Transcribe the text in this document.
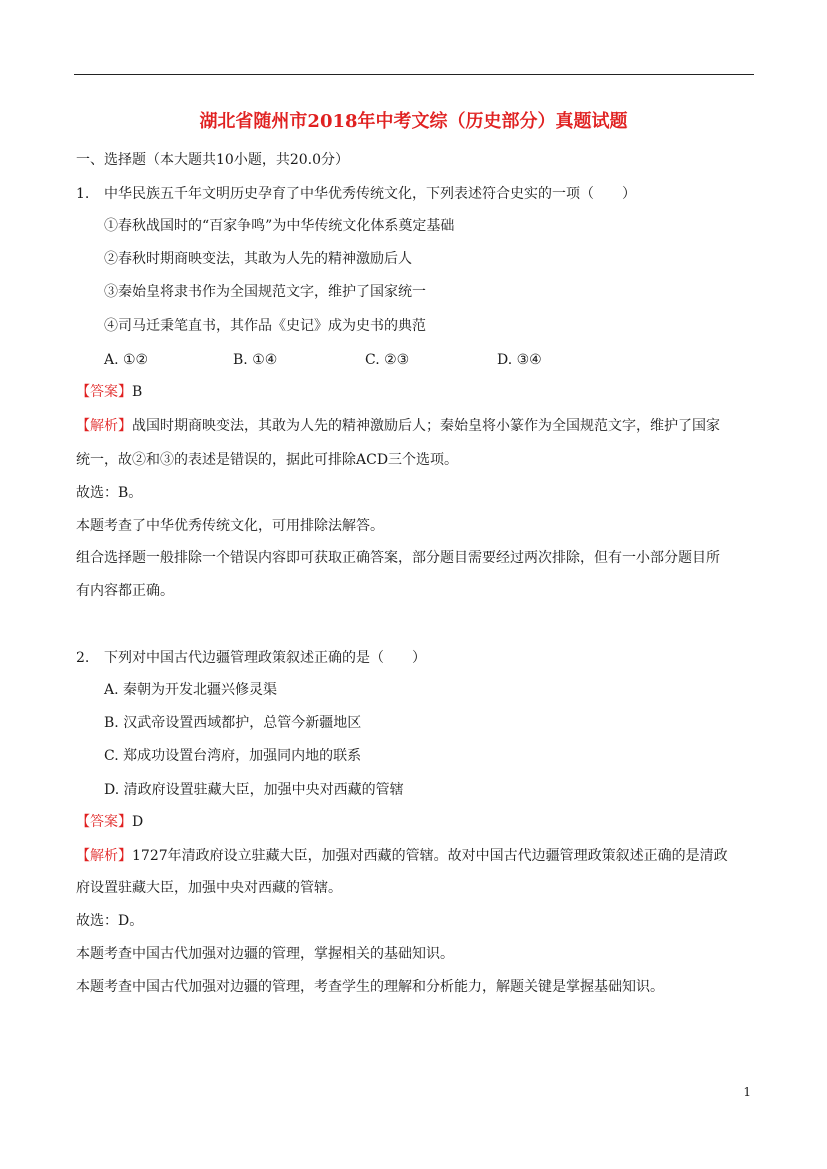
湖北省随州市2018年中考文综（历史部分）真题试题
一、选择题（本大题共10小题，共20.0分）
1. 中华民族五千年文明历史孕育了中华优秀传统文化，下列表述符合史实的一项（　　）
①春秋战国时的“百家争鸣”为中华传统文化体系奠定基础
②春秋时期商映变法，其敢为人先的精神激励后人
③秦始皇将隶书作为全国规范文字，维护了国家统一
④司马迁秉笔直书，其作品《史记》成为史书的典范
A. ①②	B. ①④	C. ②③	D. ③④
【答案】B
【解析】战国时期商映变法，其敢为人先的精神激励后人；秦始皇将小篆作为全国规范文字，维护了国家
统一，故②和③的表述是错误的，据此可排除ACD三个选项。
故选：B。
本题考查了中华优秀传统文化，可用排除法解答。
组合选择题一般排除一个错误内容即可获取正确答案，部分题目需要经过两次排除，但有一小部分题目所
有内容都正确。
2. 下列对中国古代边疆管理政策叙述正确的是（　　）
A. 秦朝为开发北疆兴修灵渠
B. 汉武帝设置西域都护，总管今新疆地区
C. 郑成功设置台湾府，加强同内地的联系
D. 清政府设置驻藏大臣，加强中央对西藏的管辖
【答案】D
【解析】1727年清政府设立驻藏大臣，加强对西藏的管辖。故对中国古代边疆管理政策叙述正确的是清政
府设置驻藏大臣，加强中央对西藏的管辖。
故选：D。
本题考查中国古代加强对边疆的管理，掌握相关的基础知识。
本题考查中国古代加强对边疆的管理，考查学生的理解和分析能力，解题关键是掌握基础知识。
1
